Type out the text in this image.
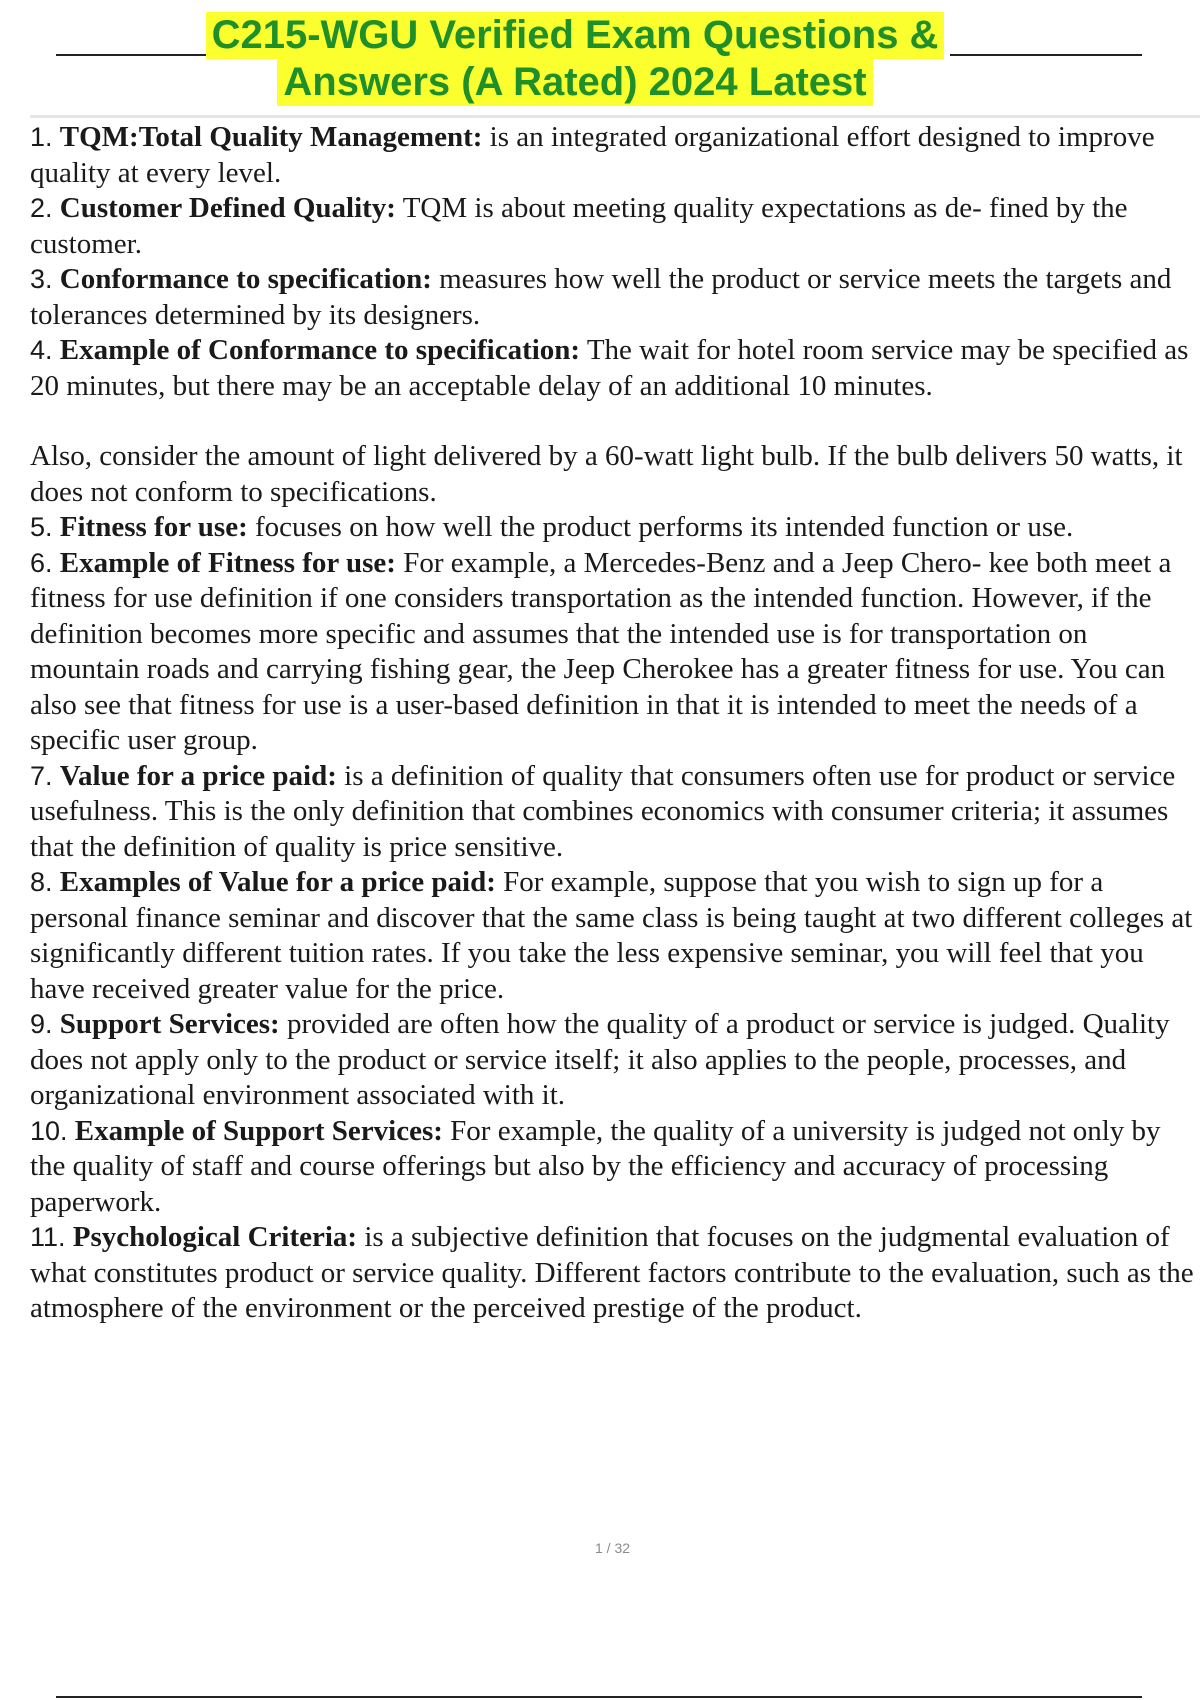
C215-WGU Verified Exam Questions &
Answers (A Rated) 2024 Latest

1. TQM:Total Quality Management: is an integrated organizational effort designed to improve quality at every level.

2. Customer Defined Quality: TQM is about meeting quality expectations as de- fined by the customer.

3. Conformance to specification: measures how well the product or service meets the targets and tolerances determined by its designers.

4. Example of Conformance to specification: The wait for hotel room service may be specified as 20 minutes, but there may be an acceptable delay of an additional 10 minutes.

Also, consider the amount of light delivered by a 60-watt light bulb. If the bulb delivers 50 watts, it does not conform to specifications.

5. Fitness for use: focuses on how well the product performs its intended function or use.

6. Example of Fitness for use: For example, a Mercedes-Benz and a Jeep Chero- kee both meet a fitness for use definition if one considers transportation as the intended function. However, if the definition becomes more specific and assumes that the intended use is for transportation on mountain roads and carrying fishing gear, the Jeep Cherokee has a greater fitness for use. You can also see that fitness for use is a user-based definition in that it is intended to meet the needs of a specific user group.

7. Value for a price paid: is a definition of quality that consumers often use for product or service usefulness. This is the only definition that combines economics with consumer criteria; it assumes that the definition of quality is price sensitive.

8. Examples of Value for a price paid: For example, suppose that you wish to sign up for a personal finance seminar and discover that the same class is being taught at two different colleges at significantly different tuition rates. If you take the less expensive seminar, you will feel that you have received greater value for the price.

9. Support Services: provided are often how the quality of a product or service is judged. Quality does not apply only to the product or service itself; it also applies to the people, processes, and organizational environment associated with it.

10. Example of Support Services: For example, the quality of a university is judged not only by the quality of staff and course offerings but also by the efficiency and accuracy of processing paperwork.

11. Psychological Criteria: is a subjective definition that focuses on the judgmental evaluation of what constitutes product or service quality. Different factors contribute to the evaluation, such as the atmosphere of the environment or the perceived prestige of the product.

1 / 32
